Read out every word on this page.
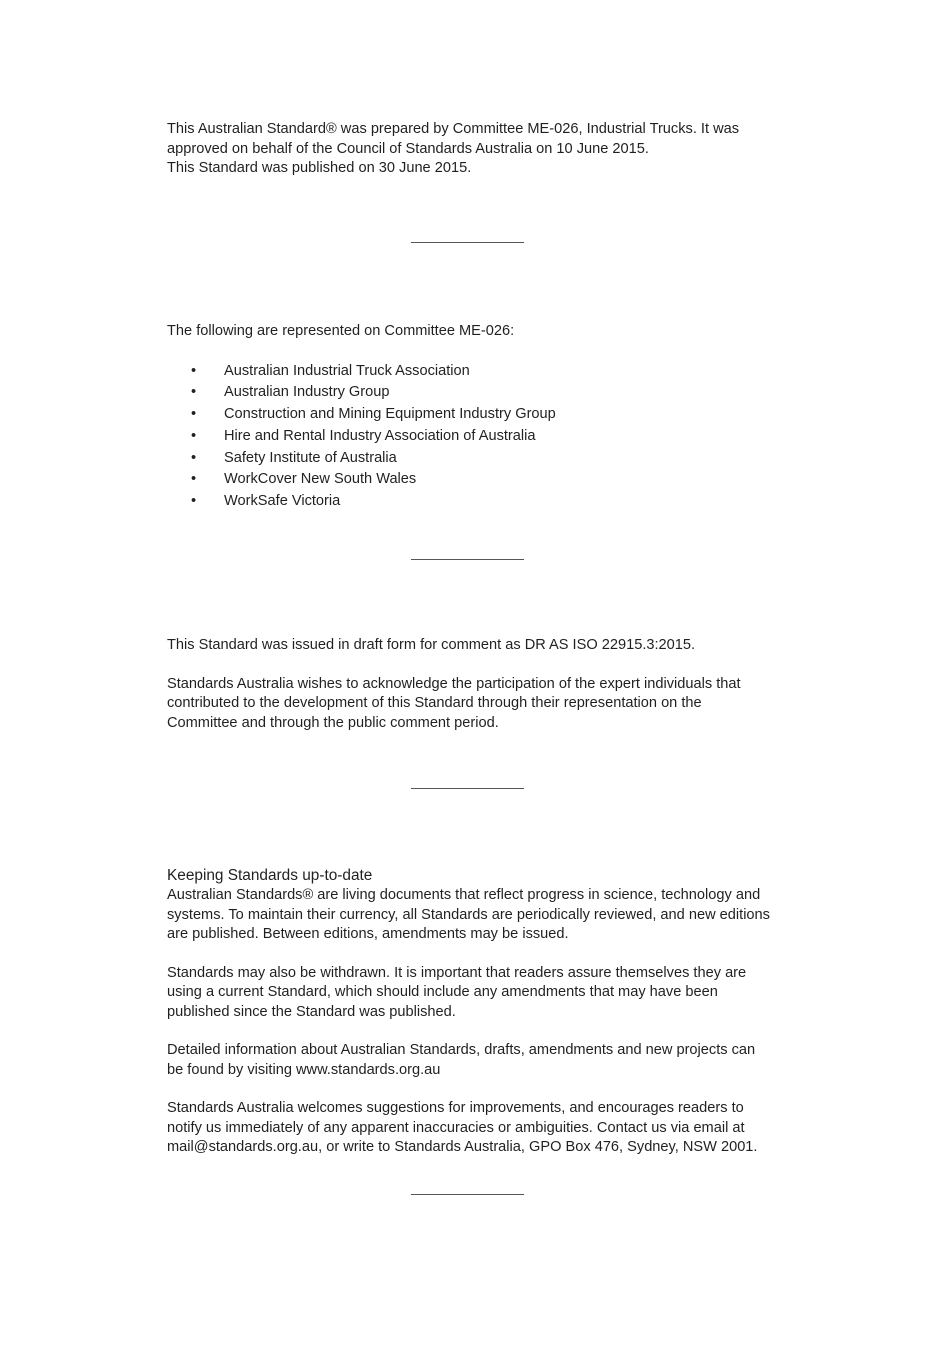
This Australian Standard® was prepared by Committee ME-026, Industrial Trucks. It was

approved on behalf of the Council of Standards Australia on 10 June 2015.

This Standard was published on 30 June 2015.

The following are represented on Committee ME-026:

• Australian Industrial Truck Association
• Australian Industry Group
• Construction and Mining Equipment Industry Group
• Hire and Rental Industry Association of Australia
• Safety Institute of Australia
• WorkCover New South Wales
• WorkSafe Victoria

This Standard was issued in draft form for comment as DR AS ISO 22915.3:2015.

Standards Australia wishes to acknowledge the participation of the expert individuals that

contributed to the development of this Standard through their representation on the

Committee and through the public comment period.

Keeping Standards up-to-date

Australian Standards® are living documents that reflect progress in science, technology and

systems. To maintain their currency, all Standards are periodically reviewed, and new editions

are published. Between editions, amendments may be issued.

Standards may also be withdrawn. It is important that readers assure themselves they are

using a current Standard, which should include any amendments that may have been

published since the Standard was published.

Detailed information about Australian Standards, drafts, amendments and new projects can

be found by visiting www.standards.org.au

Standards Australia welcomes suggestions for improvements, and encourages readers to

notify us immediately of any apparent inaccuracies or ambiguities. Contact us via email at

mail@standards.org.au, or write to Standards Australia, GPO Box 476, Sydney, NSW 2001.
